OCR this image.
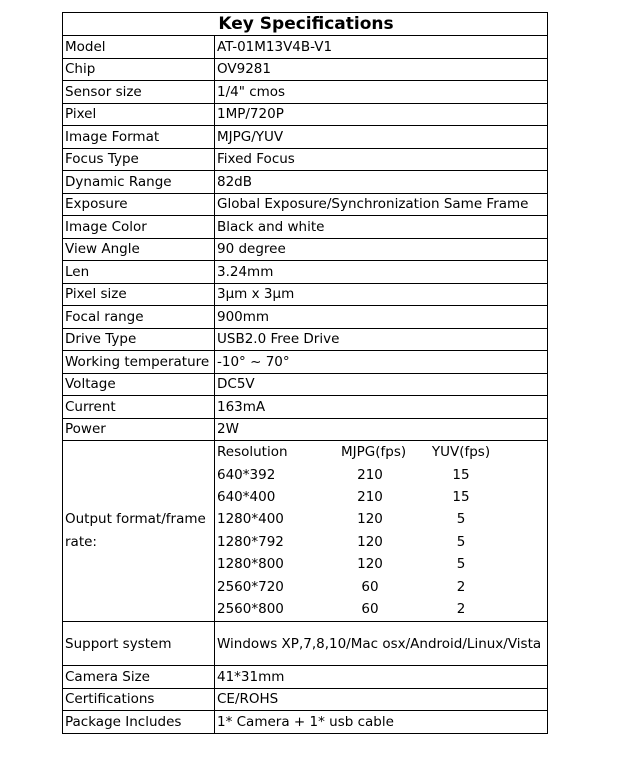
Key Specifications
Model	AT-01M13V4B-V1
Chip	OV9281
Sensor size	1/4" cmos
Pixel	1MP/720P
Image Format	MJPG/YUV
Focus Type	Fixed Focus
Dynamic Range	82dB
Exposure	Global Exposure/Synchronization Same Frame
Image Color	Black and white
View Angle	90 degree
Len	3.24mm
Pixel size	3μm x 3μm
Focal range	900mm
Drive Type	USB2.0 Free Drive
Working temperature	-10° ~ 70°
Voltage	DC5V
Current	163mA
Power	2W
Output format/frame rate:	
Resolution	MJPG(fps)	YUV(fps)	
640*392	210	15	
640*400	210	15	
1280*400	120	5	
1280*792	120	5	
1280*800	120	5	
2560*720	60	2	
2560*800	60	2	

Support system	Windows XP,7,8,10/Mac osx/Android/Linux/Vista
Camera Size	41*31mm
Certifications	CE/ROHS
Package Includes	1* Camera + 1* usb cable
